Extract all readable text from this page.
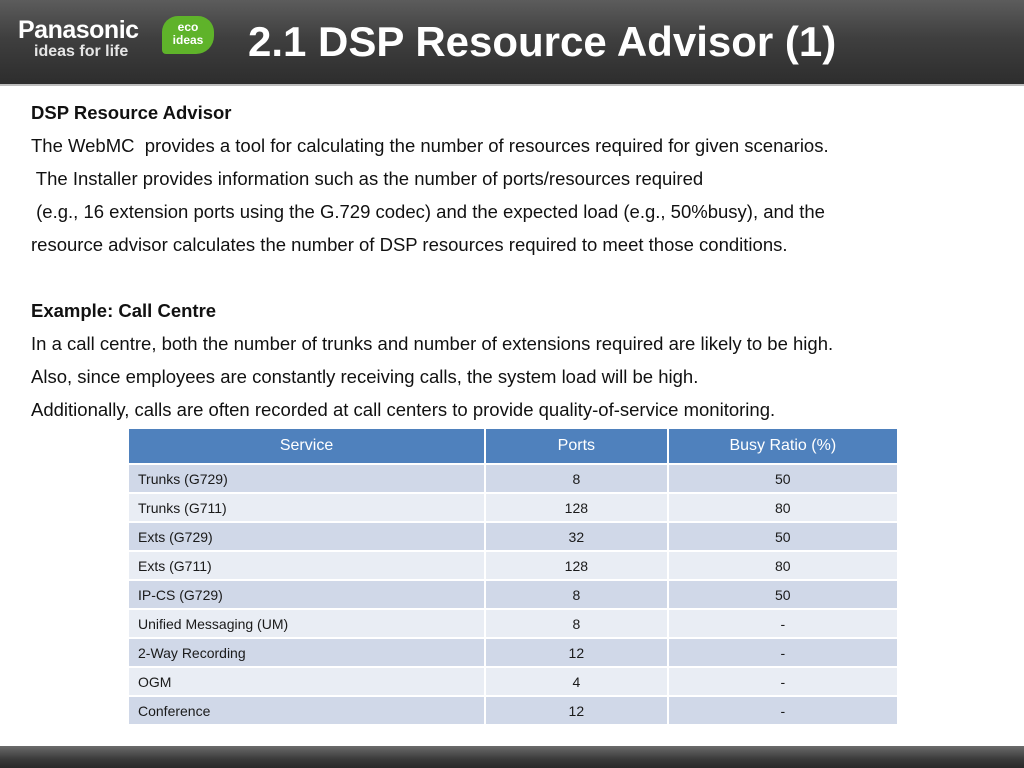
Panasonic
ideas for life
eco
ideas 2.1 DSP Resource Advisor (1)
DSP Resource Advisor
The WebMC  provides a tool for calculating the number of resources required for given scenarios.
The Installer provides information such as the number of ports/resources required
(e.g., 16 extension ports using the G.729 codec) and the expected load (e.g., 50%busy), and the
resource advisor calculates the number of DSP resources required to meet those conditions.
Example: Call Centre
In a call centre, both the number of trunks and number of extensions required are likely to be high.
Also, since employees are constantly receiving calls, the system load will be high.
Additionally, calls are often recorded at call centers to provide quality-of-service monitoring.
Service	Ports	Busy Ratio (%)
Trunks (G729)	8	50
Trunks (G711)	128	80
Exts (G729)	32	50
Exts (G711)	128	80
IP-CS (G729)	8	50
Unified Messaging (UM)	8	-
2-Way Recording	12	-
OGM	4	-
Conference	12	-
